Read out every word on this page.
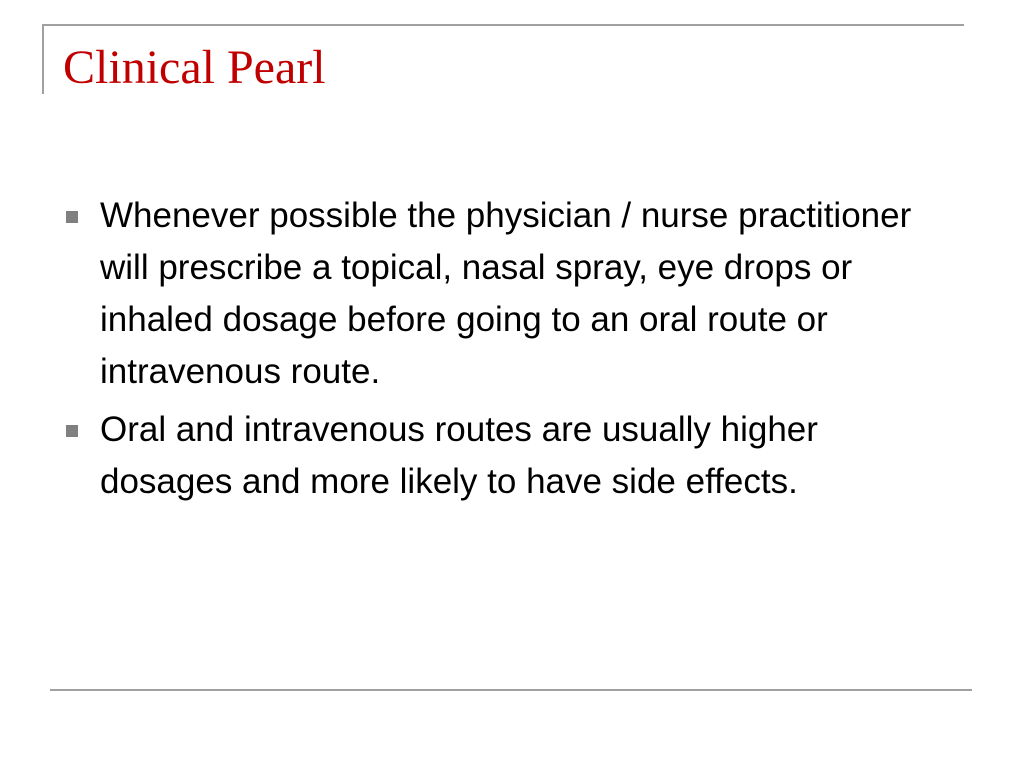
Clinical Pearl
Whenever possible the physician / nurse practitioner will prescribe a topical, nasal spray, eye drops or inhaled dosage before going to an oral route or intravenous route.
Oral and intravenous routes are usually higher dosages and more likely to have side effects.
